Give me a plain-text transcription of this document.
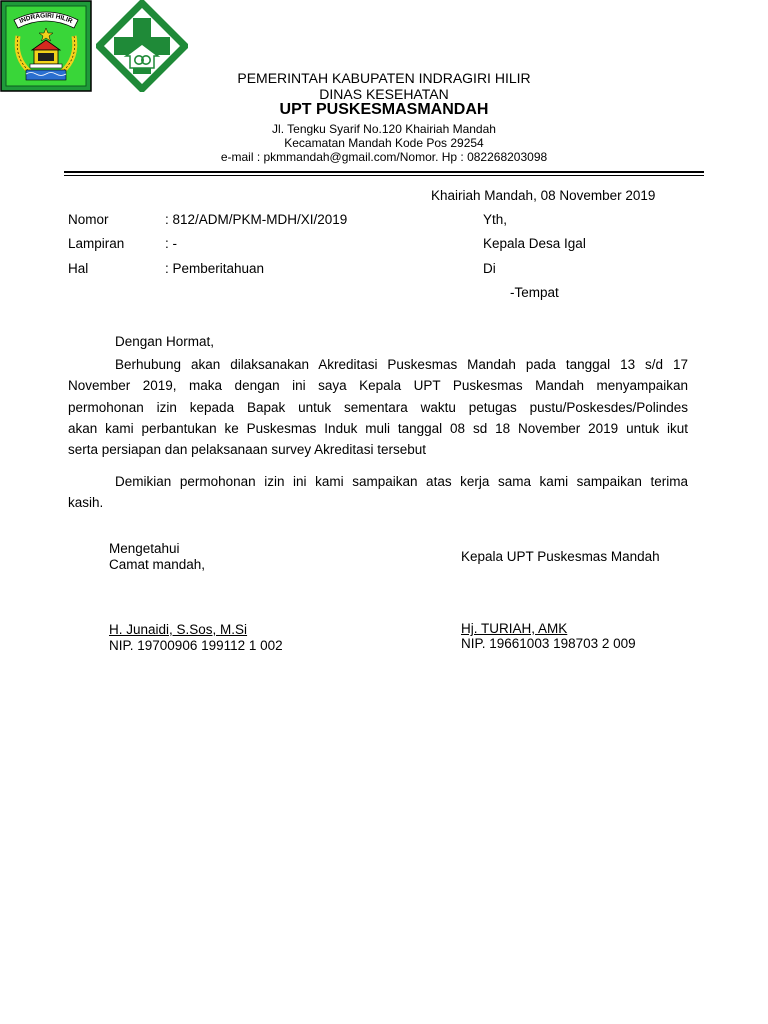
INDRAGIRI HILIR

PEMERINTAH KABUPATEN INDRAGIRI HILIR
DINAS KESEHATAN
UPT PUSKESMASMANDAH
Jl. Tengku Syarif No.120 Khairiah Mandah
Kecamatan Mandah Kode Pos 29254
e-mail : pkmmandah@gmail.com/Nomor. Hp : 082268203098
Khairiah Mandah, 08 November 2019
Nomor	: 812/ADM/PKM-MDH/XI/2019
Lampiran	: -
Hal	: Pemberitahuan
Yth,
Kepala Desa Igal
Di
-Tempat
Dengan Hormat,
Berhubung akan dilaksanakan Akreditasi Puskesmas Mandah pada tanggal 13 s/d 17
November 2019, maka dengan ini saya Kepala UPT Puskesmas Mandah menyampaikan
permohonan izin kepada Bapak untuk sementara waktu petugas pustu/Poskesdes/Polindes
akan kami perbantukan ke Puskesmas Induk muli tanggal 08 sd 18 November 2019 untuk ikut
serta persiapan dan pelaksanaan survey Akreditasi tersebut
Demikian permohonan izin ini kami sampaikan atas kerja sama kami sampaikan terima
kasih.
Mengetahui
Camat mandah,
H. Junaidi, S.Sos, M.Si
NIP. 19700906 199112 1 002
Kepala UPT Puskesmas Mandah
Hj. TURIAH, AMK
NIP. 19661003 198703 2 009
